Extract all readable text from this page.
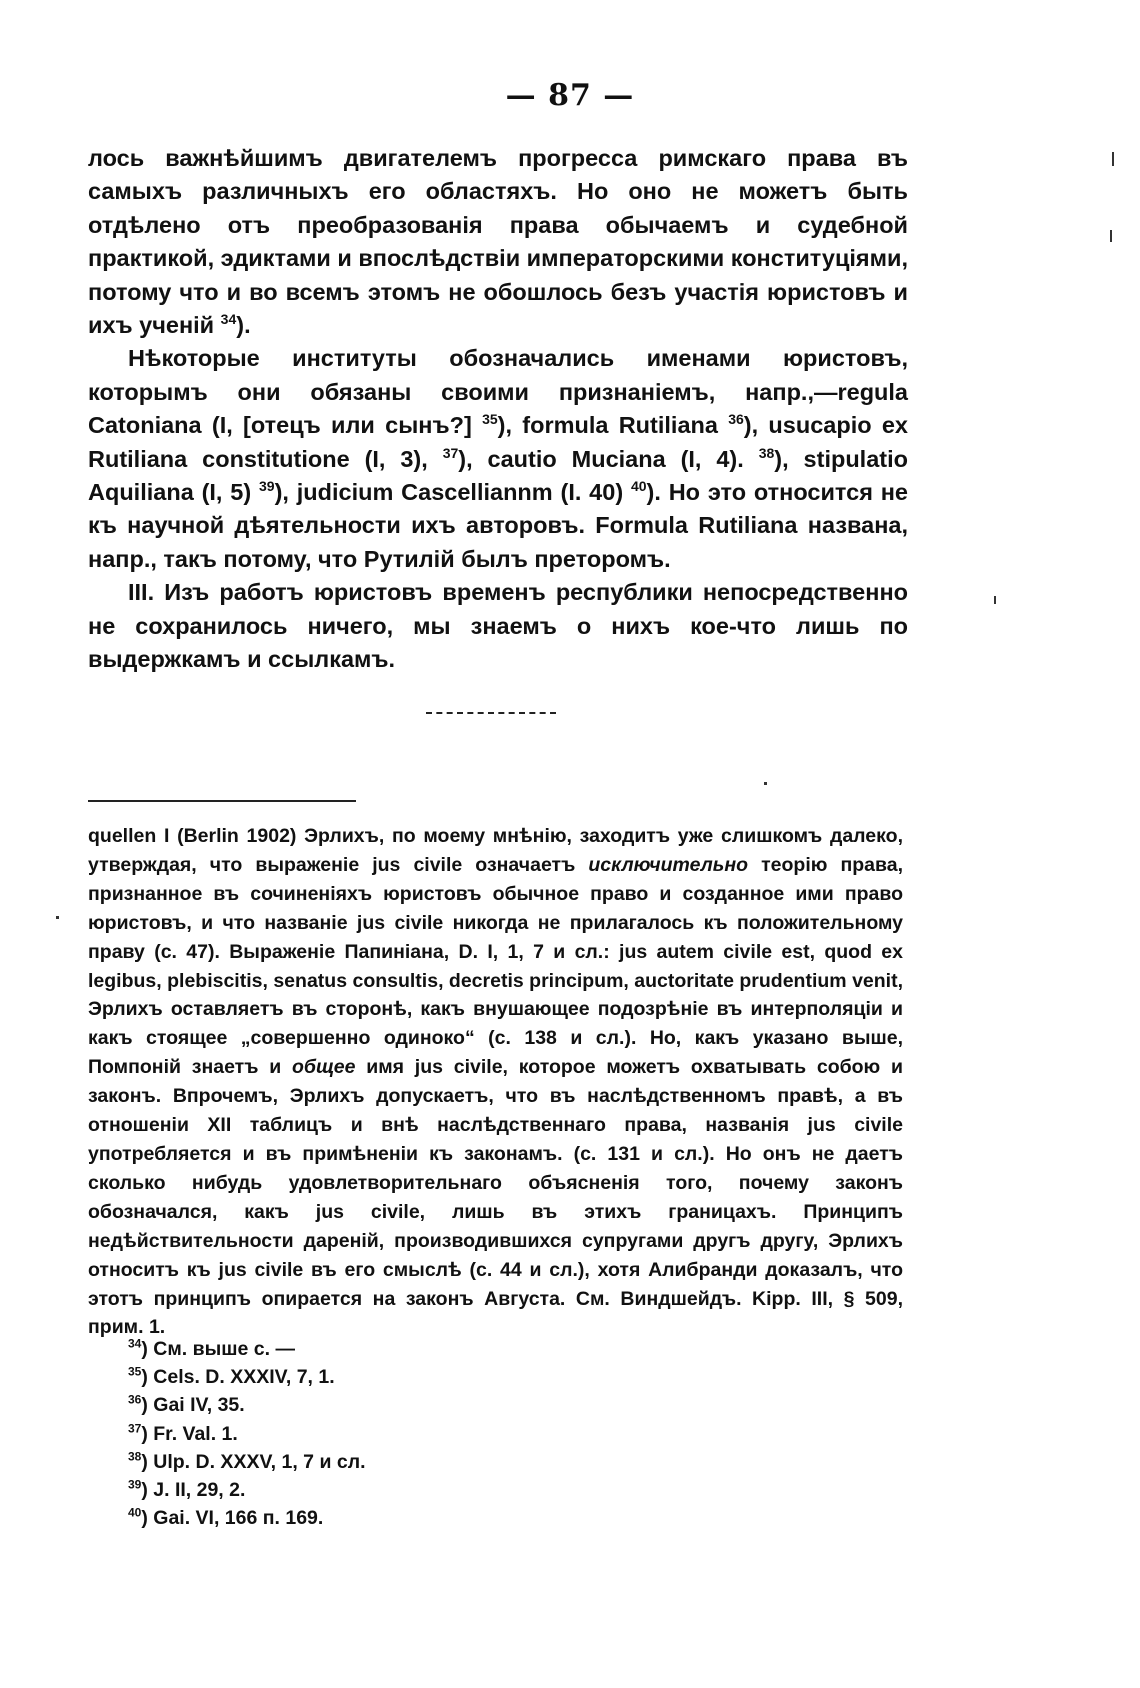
— 87 —

лось важнѣйшимъ двигателемъ прогресса римскаго права въ самыхъ различныхъ его областяхъ. Но оно не можетъ быть отдѣлено отъ преобразованія права обычаемъ и судебной практикой, эдиктами и впослѣдствіи императорскими конституціями, потому что и во всемъ этомъ не обошлось безъ участія юристовъ и ихъ ученій $^{34}$).

Нѣкоторые институты обозначались именами юристовъ, которымъ они обязаны своими признаніемъ, напр.,—regula Catoniana (I, [отецъ или сынъ?] $^{35}$), formula Rutiliana $^{36}$), usucapio ex Rutiliana constitutione (I, 3), $^{37}$), cautio Muciana (I, 4). $^{38}$), stipulatio Aquiliana (I, 5) $^{39}$), judicium Cascelliannm (I. 40) $^{40}$). Но это относится не къ научной дѣятельности ихъ авторовъ. Formula Rutiliana названа, напр., такъ потому, что Рутилій былъ преторомъ.

III. Изъ работъ юристовъ временъ республики непосредственно не сохранилось ничего, мы знаемъ о нихъ кое-что лишь по выдержкамъ и ссылкамъ.

quellen I (Berlin 1902) Эрлихъ, по моему мнѣнію, заходитъ уже слишкомъ далеко, утверждая, что выраженіе jus civile означаетъ исключительно теорію права, признанное въ сочиненіяхъ юристовъ обычное право и созданное ими право юристовъ, и что названіе jus civile никогда не прилагалось къ положительному праву (с. 47). Выраженіе Папиніана, D. I, 1, 7 и сл.: jus autem civile est, quod ex legibus, plebiscitis, senatus consultis, decretis principum, auctoritate prudentium venit, Эрлихъ оставляетъ въ сторонѣ, какъ внушающее подозрѣніе въ интерполяціи и какъ стоящее „совершенно одиноко“ (с. 138 и сл.). Но, какъ указано выше, Помпоній знаетъ и общее имя jus civile, которое можетъ охватывать собою и законъ. Впрочемъ, Эрлихъ допускаетъ, что въ наслѣдственномъ правѣ, а въ отношеніи XII таблицъ и внѣ наслѣдственнаго права, названія jus civile употребляется и въ примѣненіи къ законамъ. (с. 131 и сл.). Но онъ не даетъ сколько нибудь удовлетворительнаго объясненія того, почему законъ обозначался, какъ jus civile, лишь въ этихъ границахъ. Принципъ недѣйствительности дареній, производившихся супругами другъ другу, Эрлихъ относитъ къ jus civile въ его смыслѣ (с. 44 и сл.), хотя Алибранди доказалъ, что этотъ принципъ опирается на законъ Августа. См. Виндшейдъ. Kipp. III, § 509, прим. 1.

$^{34}$) См. выше с. —
$^{35}$) Cels. D. XXXIV, 7, 1.
$^{36}$) Gai IV, 35.
$^{37}$) Fr. Val. 1.
$^{38}$) Ulp. D. XXXV, 1, 7 и сл.
$^{39}$) J. II, 29, 2.
$^{40}$) Gai. VI, 166 п. 169.
